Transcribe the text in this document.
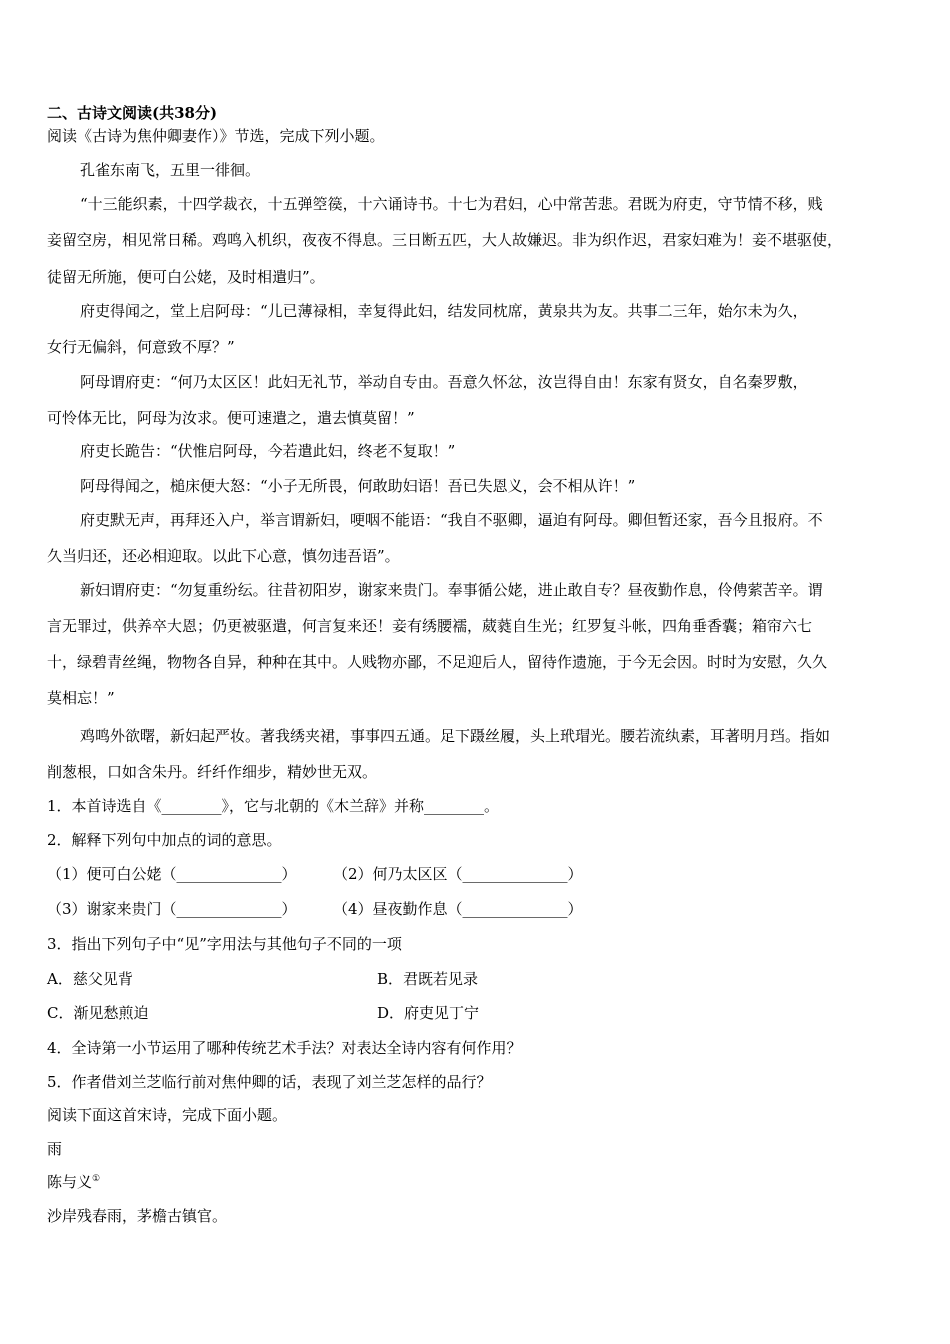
二、古诗文阅读(共38分)
阅读《古诗为焦仲卿妻作）》节选，完成下列小题。
孔雀东南飞，五里一徘徊。
“十三能织素，十四学裁衣，十五弹箜篌，十六诵诗书。十七为君妇，心中常苦悲。君既为府吏，守节情不移，贱
妾留空房，相见常日稀。鸡鸣入机织，夜夜不得息。三日断五匹，大人故嫌迟。非为织作迟，君家妇难为！妾不堪驱使，
徒留无所施，便可白公姥，及时相遣归”。
府吏得闻之，堂上启阿母：“儿已薄禄相，幸复得此妇，结发同枕席，黄泉共为友。共事二三年，始尔未为久，
女行无偏斜，何意致不厚？”
阿母谓府吏：“何乃太区区！此妇无礼节，举动自专由。吾意久怀忿，汝岂得自由！东家有贤女，自名秦罗敷，
可怜体无比，阿母为汝求。便可速遣之，遣去慎莫留！”
府吏长跪告：“伏惟启阿母，今若遣此妇，终老不复取！”
阿母得闻之，槌床便大怒：“小子无所畏，何敢助妇语！吾已失恩义，会不相从许！”
府吏默无声，再拜还入户，举言谓新妇，哽咽不能语：“我自不驱卿，逼迫有阿母。卿但暂还家，吾今且报府。不
久当归还，还必相迎取。以此下心意，慎勿违吾语”。
新妇谓府吏：“勿复重纷纭。往昔初阳岁，谢家来贵门。奉事循公姥，进止敢自专？昼夜勤作息，伶俜萦苦辛。谓
言无罪过，供养卒大恩；仍更被驱遣，何言复来还！妾有绣腰襦，葳蕤自生光；红罗复斗帐，四角垂香囊；箱帘六七
十，绿碧青丝绳，物物各自异，种种在其中。人贱物亦鄙，不足迎后人，留待作遗施，于今无会因。时时为安慰，久久
莫相忘！”
鸡鸣外欲曙，新妇起严妆。著我绣夹裙，事事四五通。足下蹑丝履，头上玳瑁光。腰若流纨素，耳著明月珰。指如
削葱根，口如含朱丹。纤纤作细步，精妙世无双。
1．本首诗选自《________》，它与北朝的《木兰辞》并称________。
2．解释下列句中加点的词的意思。
（1）便可白公姥（______________） （2）何乃太区区（______________）
（3）谢家来贵门（______________） （4）昼夜勤作息（______________）
3．指出下列句子中“见”字用法与其他句子不同的一项
A．慈父见背	B．君既若见录
C．渐见愁煎迫	D．府吏见丁宁
4．全诗第一小节运用了哪种传统艺术手法？对表达全诗内容有何作用？
5．作者借刘兰芝临行前对焦仲卿的话，表现了刘兰芝怎样的品行？
阅读下面这首宋诗，完成下面小题。
雨
陈与义①
沙岸残春雨，茅檐古镇官。
